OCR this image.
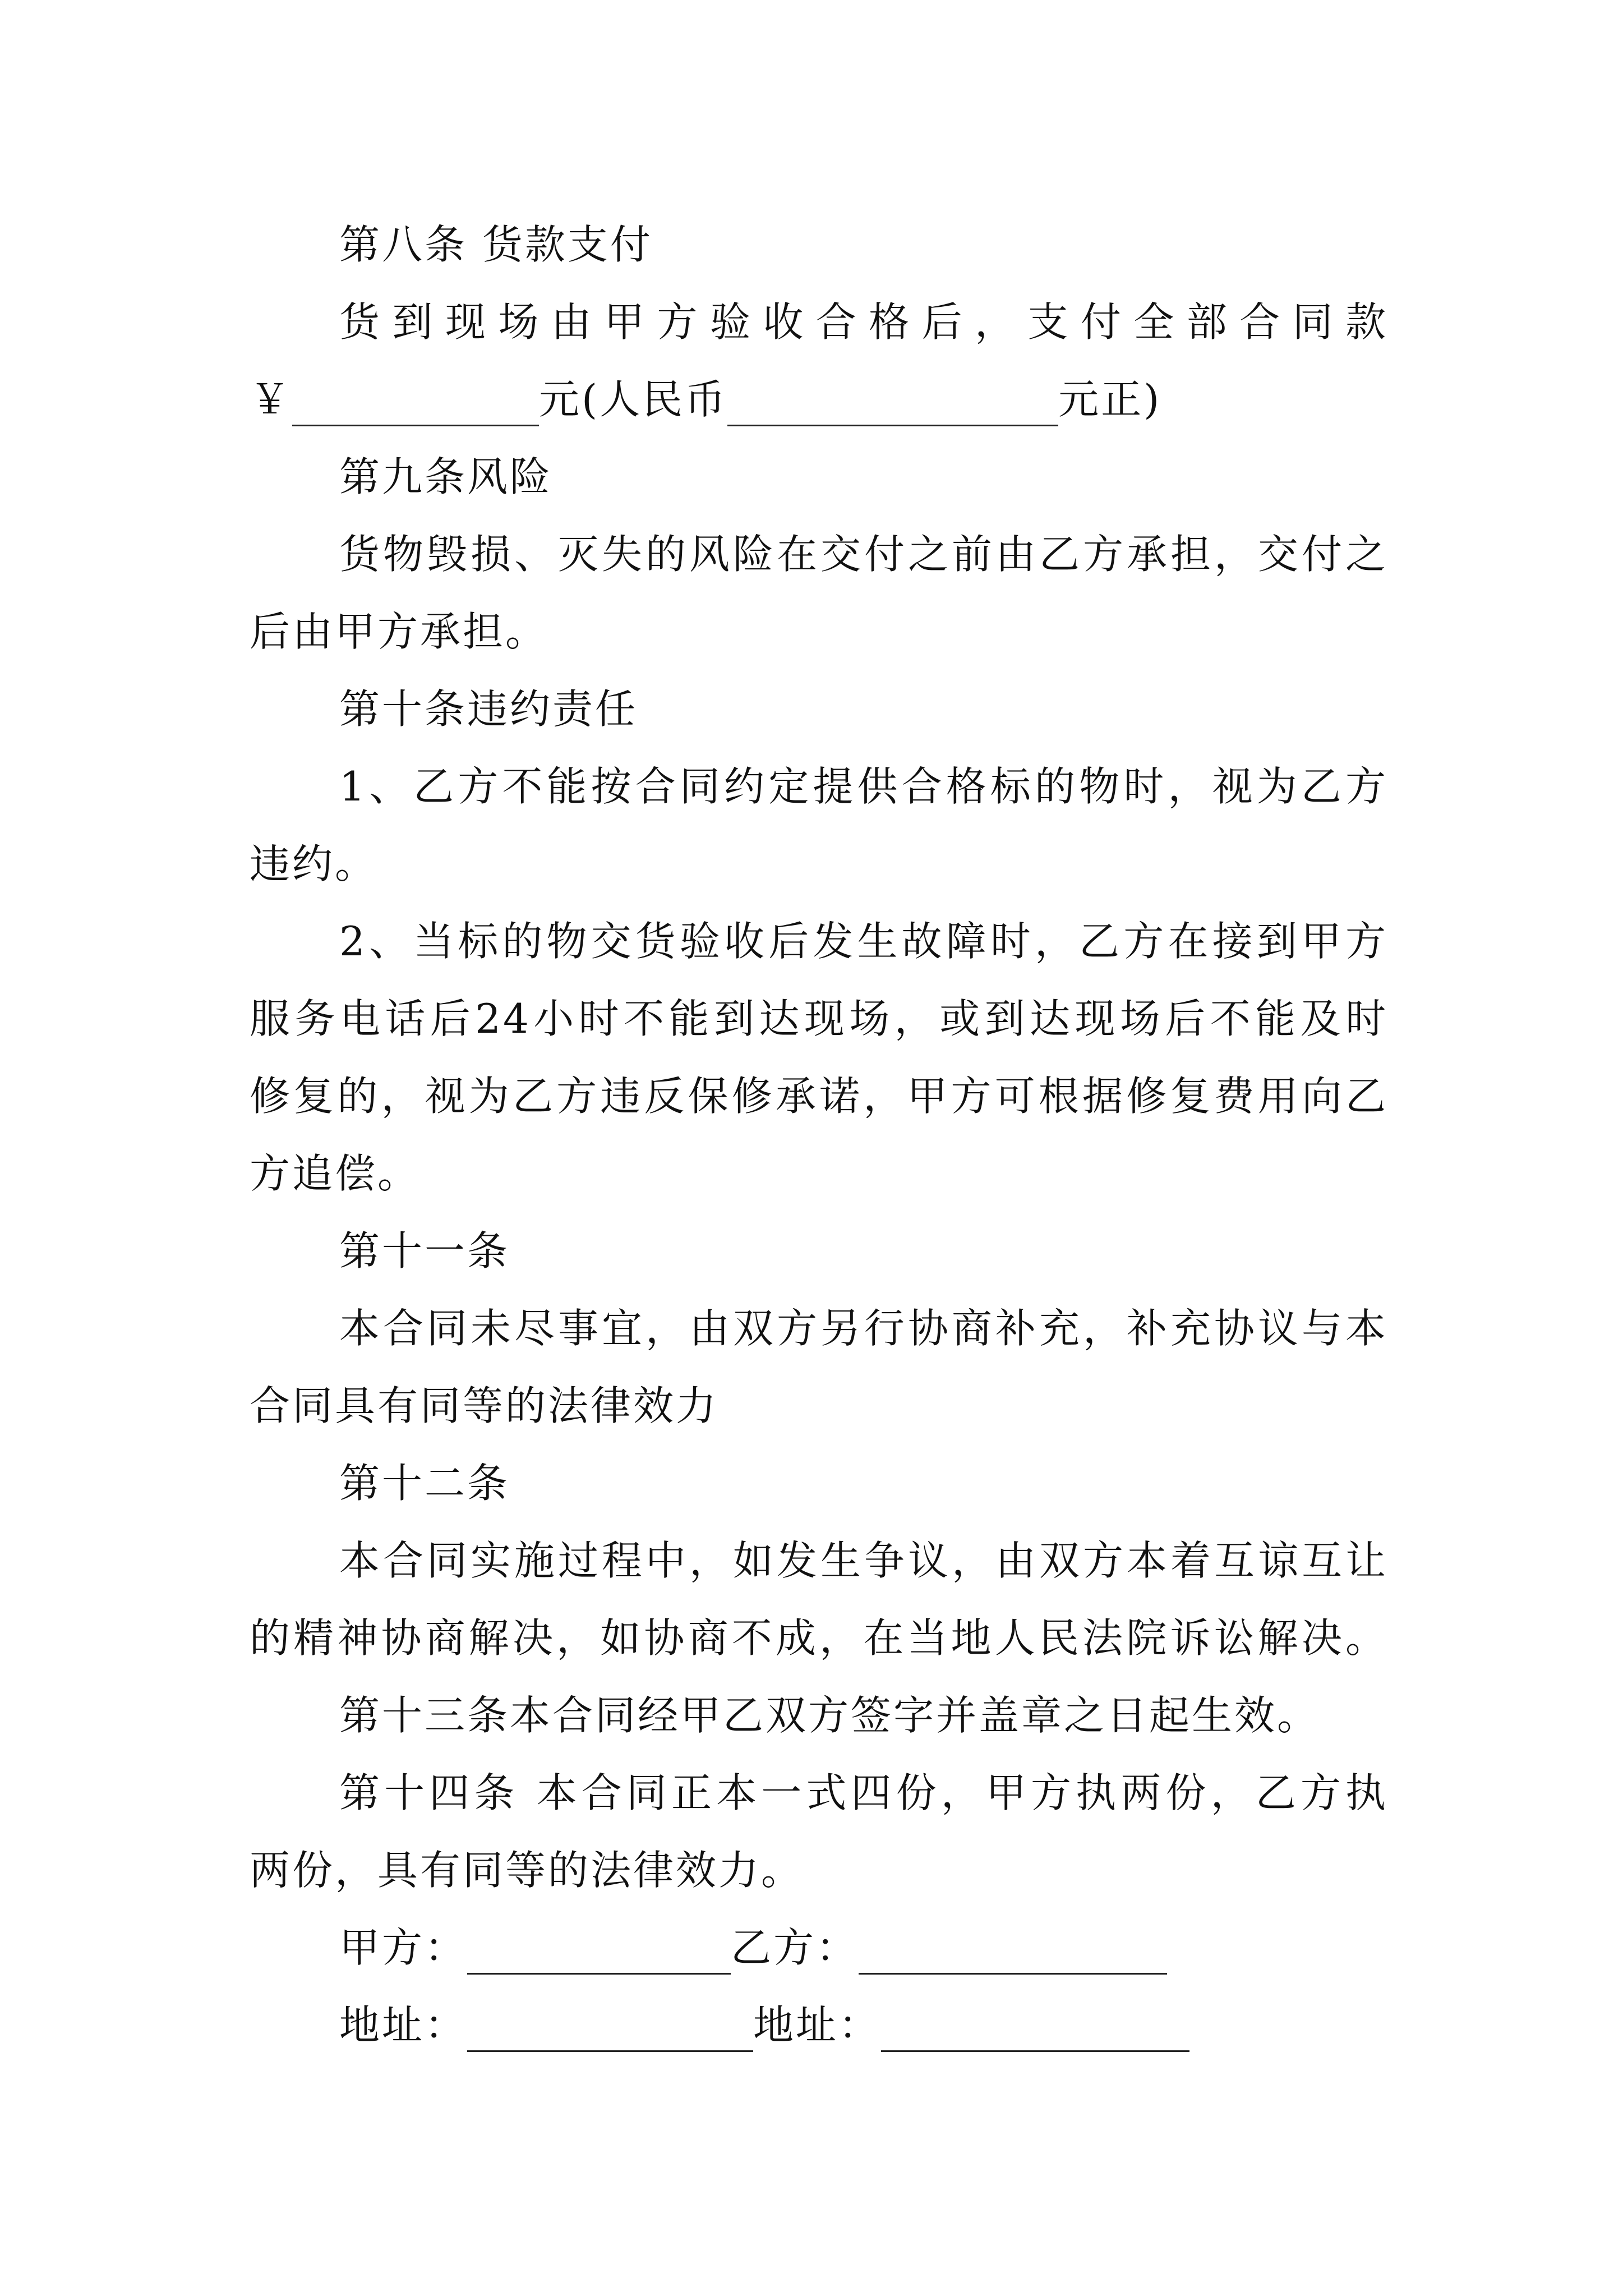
第八条 货款支付
货到现场由甲方验收合格后，支付全部合同款
￥	元(人民币	元正)
第九条风险
货物毁损、灭失的风险在交付之前由乙方承担，交付之
后由甲方承担。
第十条违约责任
1、乙方不能按合同约定提供合格标的物时，视为乙方
违约。
2、当标的物交货验收后发生故障时，乙方在接到甲方
服务电话后24小时不能到达现场，或到达现场后不能及时
修复的，视为乙方违反保修承诺，甲方可根据修复费用向乙
方追偿。
第十一条
本合同未尽事宜，由双方另行协商补充，补充协议与本
合同具有同等的法律效力
第十二条
本合同实施过程中，如发生争议，由双方本着互谅互让
的精神协商解决，如协商不成，在当地人民法院诉讼解决。
第十三条本合同经甲乙双方签字并盖章之日起生效。
第十四条 本合同正本一式四份，甲方执两份，乙方执
两份，具有同等的法律效力。
甲方：	乙方：
地址：	地址：
